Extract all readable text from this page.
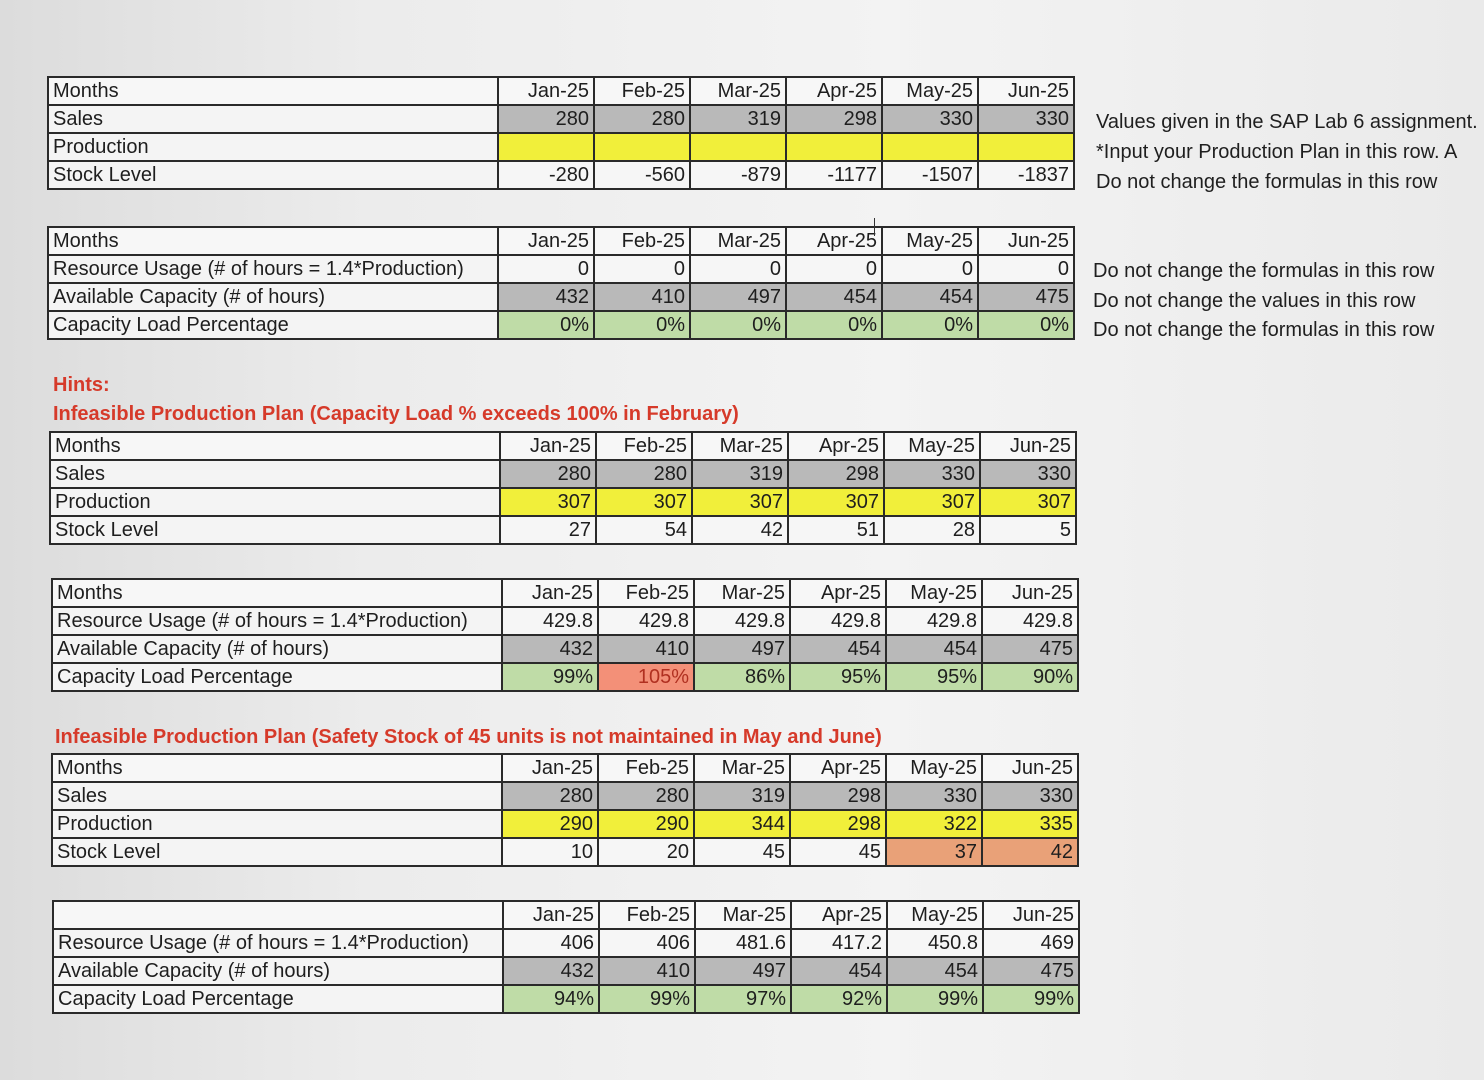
Months	Jan-25	Feb-25	Mar-25	Apr-25	May-25	Jun-25
Sales	280	280	319	298	330	330
Production						
Stock Level	-280	-560	-879	-1177	-1507	-1837
Values given in the SAP Lab 6 assignment.
*Input your Production Plan in this row. A
Do not change the formulas in this row
Months	Jan-25	Feb-25	Mar-25	Apr-25	May-25	Jun-25
Resource Usage (# of hours = 1.4*Production)	0	0	0	0	0	0
Available Capacity (# of hours)	432	410	497	454	454	475
Capacity Load Percentage	0%	0%	0%	0%	0%	0%
Do not change the formulas in this row
Do not change the values in this row
Do not change the formulas in this row
Hints:
Infeasible Production Plan (Capacity Load % exceeds 100% in February)
Months	Jan-25	Feb-25	Mar-25	Apr-25	May-25	Jun-25
Sales	280	280	319	298	330	330
Production	307	307	307	307	307	307
Stock Level	27	54	42	51	28	5
Months	Jan-25	Feb-25	Mar-25	Apr-25	May-25	Jun-25
Resource Usage (# of hours = 1.4*Production)	429.8	429.8	429.8	429.8	429.8	429.8
Available Capacity (# of hours)	432	410	497	454	454	475
Capacity Load Percentage	99%	105%	86%	95%	95%	90%
Infeasible Production Plan (Safety Stock of 45 units is not maintained in May and June)
Months	Jan-25	Feb-25	Mar-25	Apr-25	May-25	Jun-25
Sales	280	280	319	298	330	330
Production	290	290	344	298	322	335
Stock Level	10	20	45	45	37	42
	Jan-25	Feb-25	Mar-25	Apr-25	May-25	Jun-25
Resource Usage (# of hours = 1.4*Production)	406	406	481.6	417.2	450.8	469
Available Capacity (# of hours)	432	410	497	454	454	475
Capacity Load Percentage	94%	99%	97%	92%	99%	99%
